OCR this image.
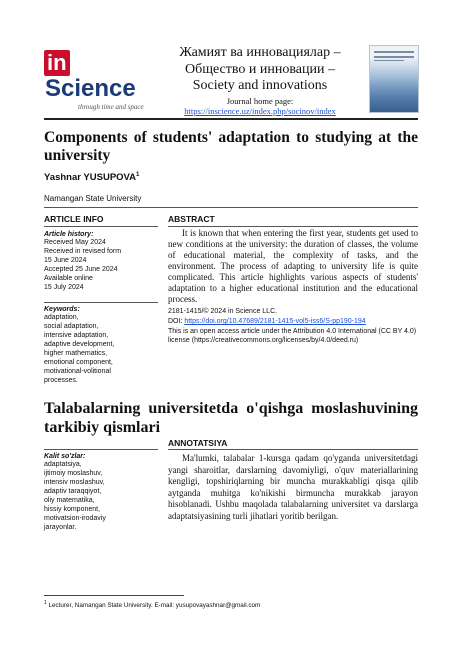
inScience
through time and space
Жамият ва инновациялар –
Общество и инновации –
Society and innovations
Journal home page:
https://inscience.uz/index.php/socinov/index
Components of students' adaptation to studying at the university
Yashnar YUSUPOVA$^1$
Namangan State University
ARTICLE INFO	ABSTRACT
Article history:
Received May 2024
Received in revised form
15 June 2024
Accepted 25 June 2024
Available online
15 July 2024
Keywords:
adaptation,
social adaptation,
intensive adaptation,
adaptive development,
higher mathematics,
emotional component,
motivational-volitional
processes.
It is known that when entering the first year, students get used to new conditions at the university: the duration of classes, the volume of educational material, the complexity of tasks, and the environment. The process of adapting to university life is quite complicated. This article highlights various aspects of students' adaptation to a higher educational institution and the educational process.
2181-1415/© 2024 in Science LLC.
DOI: https://doi.org/10.47689/2181-1415-vol5-iss6/S-pp190-194
This is an open access article under the Attribution 4.0 International (CC BY 4.0) license (https://creativecommons.org/licenses/by/4.0/deed.ru)
Talabalarning universitetda o'qishga moslashuvining tarkibiy qismlari
ANNOTATSIYA
Kalit so'zlar:
adaptatsiya,
ijtimoiy moslashuv,
intensiv moslashuv,
adaptiv taraqqiyot,
oliy matematika,
hissiy komponent,
motivatsion-irodaviy
jarayonlar.
Ma'lumki, talabalar 1-kursga qadam qo'yganda universitetdagi yangi sharoitlar, darslarning davomiyligi, o'quv materiallarining kengligi, topshiriqlarning bir muncha murakkabligi qisqa qilib aytganda muhitga ko'nikishi birmuncha murakkab jarayon hisoblanadi. Ushbu maqolada talabalarning universitet va darslarga adaptatsiyasining turli jihatlari yoritib berilgan.
$^1$ Lecturer, Namangan State University. E-mail: yusupovayashnar@gmail.com
